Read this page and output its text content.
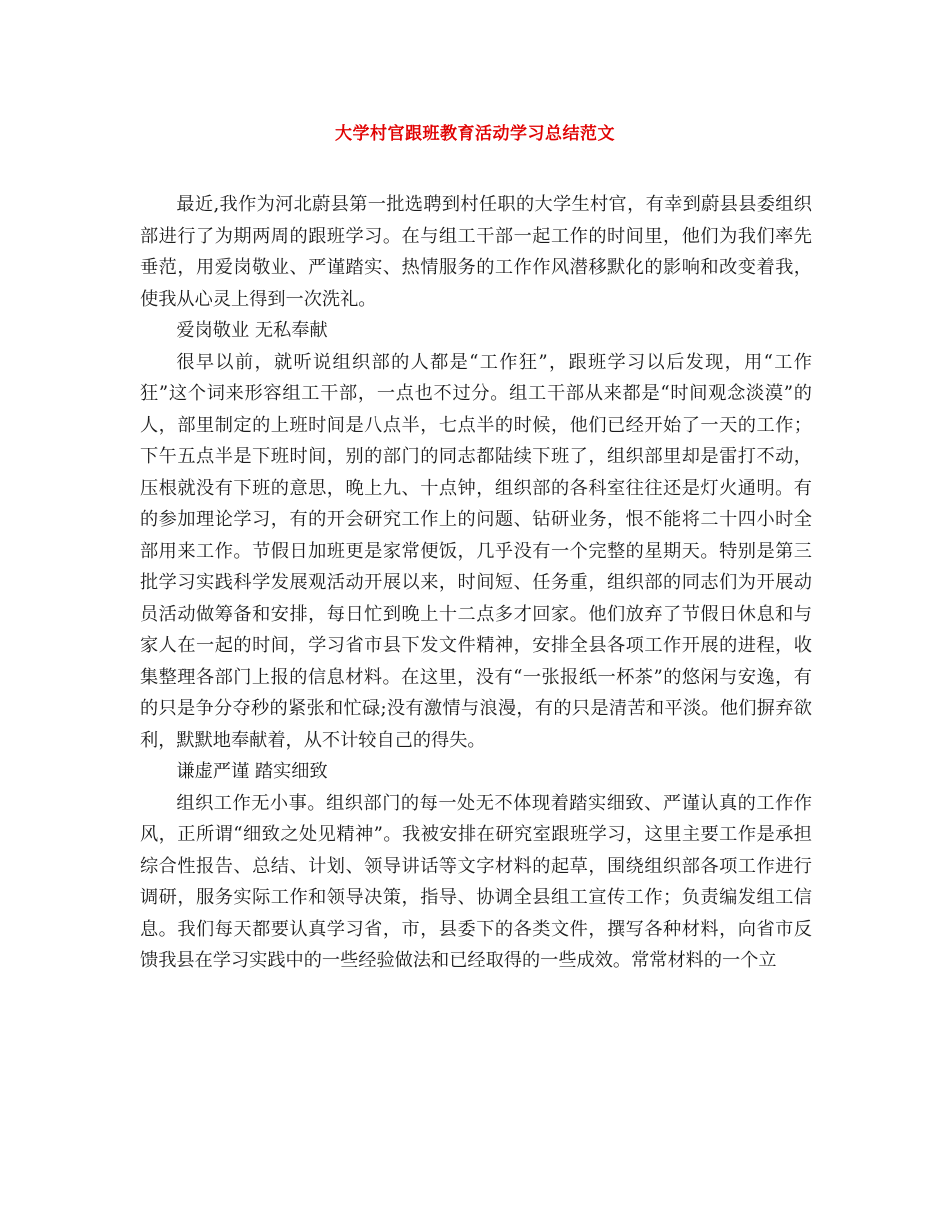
大学村官跟班教育活动学习总结范文

最近,我作为河北蔚县第一批选聘到村任职的大学生村官，有幸到蔚县县委组织部进行了为期两周的跟班学习。在与组工干部一起工作的时间里，他们为我们率先垂范，用爱岗敬业、严谨踏实、热情服务的工作作风潜移默化的影响和改变着我，使我从心灵上得到一次洗礼。

爱岗敬业 无私奉献

很早以前，就听说组织部的人都是“工作狂”，跟班学习以后发现，用“工作狂”这个词来形容组工干部，一点也不过分。组工干部从来都是“时间观念淡漠”的人，部里制定的上班时间是八点半，七点半的时候，他们已经开始了一天的工作；下午五点半是下班时间，别的部门的同志都陆续下班了，组织部里却是雷打不动，压根就没有下班的意思，晚上九、十点钟，组织部的各科室往往还是灯火通明。有的参加理论学习，有的开会研究工作上的问题、钻研业务，恨不能将二十四小时全部用来工作。节假日加班更是家常便饭，几乎没有一个完整的星期天。特别是第三批学习实践科学发展观活动开展以来，时间短、任务重，组织部的同志们为开展动员活动做筹备和安排，每日忙到晚上十二点多才回家。他们放弃了节假日休息和与家人在一起的时间，学习省市县下发文件精神，安排全县各项工作开展的进程，收集整理各部门上报的信息材料。在这里，没有“一张报纸一杯茶”的悠闲与安逸，有的只是争分夺秒的紧张和忙碌;没有激情与浪漫，有的只是清苦和平淡。他们摒弃欲利，默默地奉献着，从不计较自己的得失。

谦虚严谨 踏实细致

组织工作无小事。组织部门的每一处无不体现着踏实细致、严谨认真的工作作风，正所谓“细致之处见精神”。我被安排在研究室跟班学习，这里主要工作是承担综合性报告、总结、计划、领导讲话等文字材料的起草，围绕组织部各项工作进行调研，服务实际工作和领导决策，指导、协调全县组工宣传工作；负责编发组工信息。我们每天都要认真学习省，市，县委下的各类文件，撰写各种材料，向省市反馈我县在学习实践中的一些经验做法和已经取得的一些成效。常常材料的一个立
